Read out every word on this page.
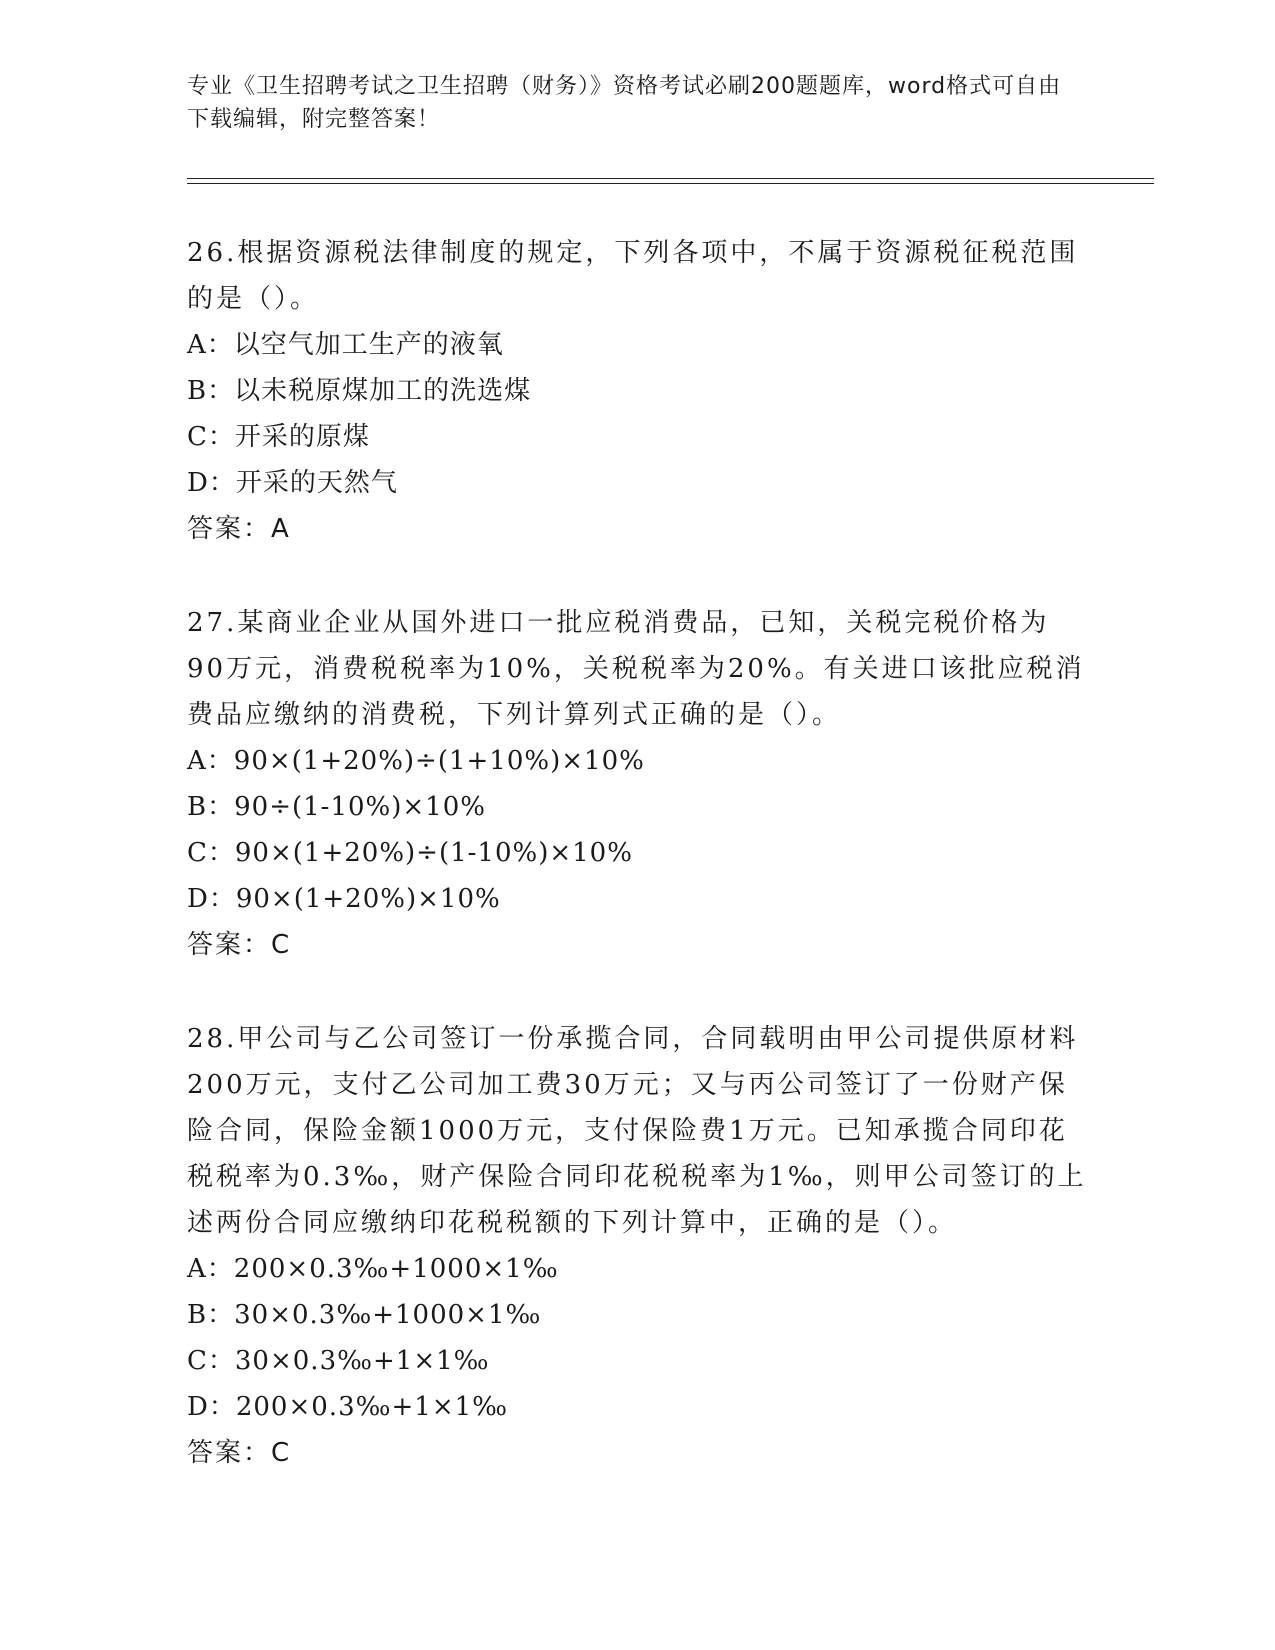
专业《卫生招聘考试之卫生招聘（财务）》资格考试必刷200题题库，word格式可自由下载编辑，附完整答案！

26.根据资源税法律制度的规定，下列各项中，不属于资源税征税范围的是（）。

A：以空气加工生产的液氧

B：以未税原煤加工的洗选煤

C：开采的原煤

D：开采的天然气

答案：A

27.某商业企业从国外进口一批应税消费品，已知，关税完税价格为90万元，消费税税率为10%，关税税率为20%。有关进口该批应税消费品应缴纳的消费税，下列计算列式正确的是（）。

A：90×(1+20%)÷(1+10%)×10%

B：90÷(1-10%)×10%

C：90×(1+20%)÷(1-10%)×10%

D：90×(1+20%)×10%

答案：C

28.甲公司与乙公司签订一份承揽合同，合同载明由甲公司提供原材料200万元，支付乙公司加工费30万元；又与丙公司签订了一份财产保险合同，保险金额1000万元，支付保险费1万元。已知承揽合同印花税税率为0.3‰，财产保险合同印花税税率为1‰，则甲公司签订的上述两份合同应缴纳印花税税额的下列计算中，正确的是（）。

A：200×0.3‰+1000×1‰

B：30×0.3‰+1000×1‰

C：30×0.3‰+1×1‰

D：200×0.3‰+1×1‰

答案：C
